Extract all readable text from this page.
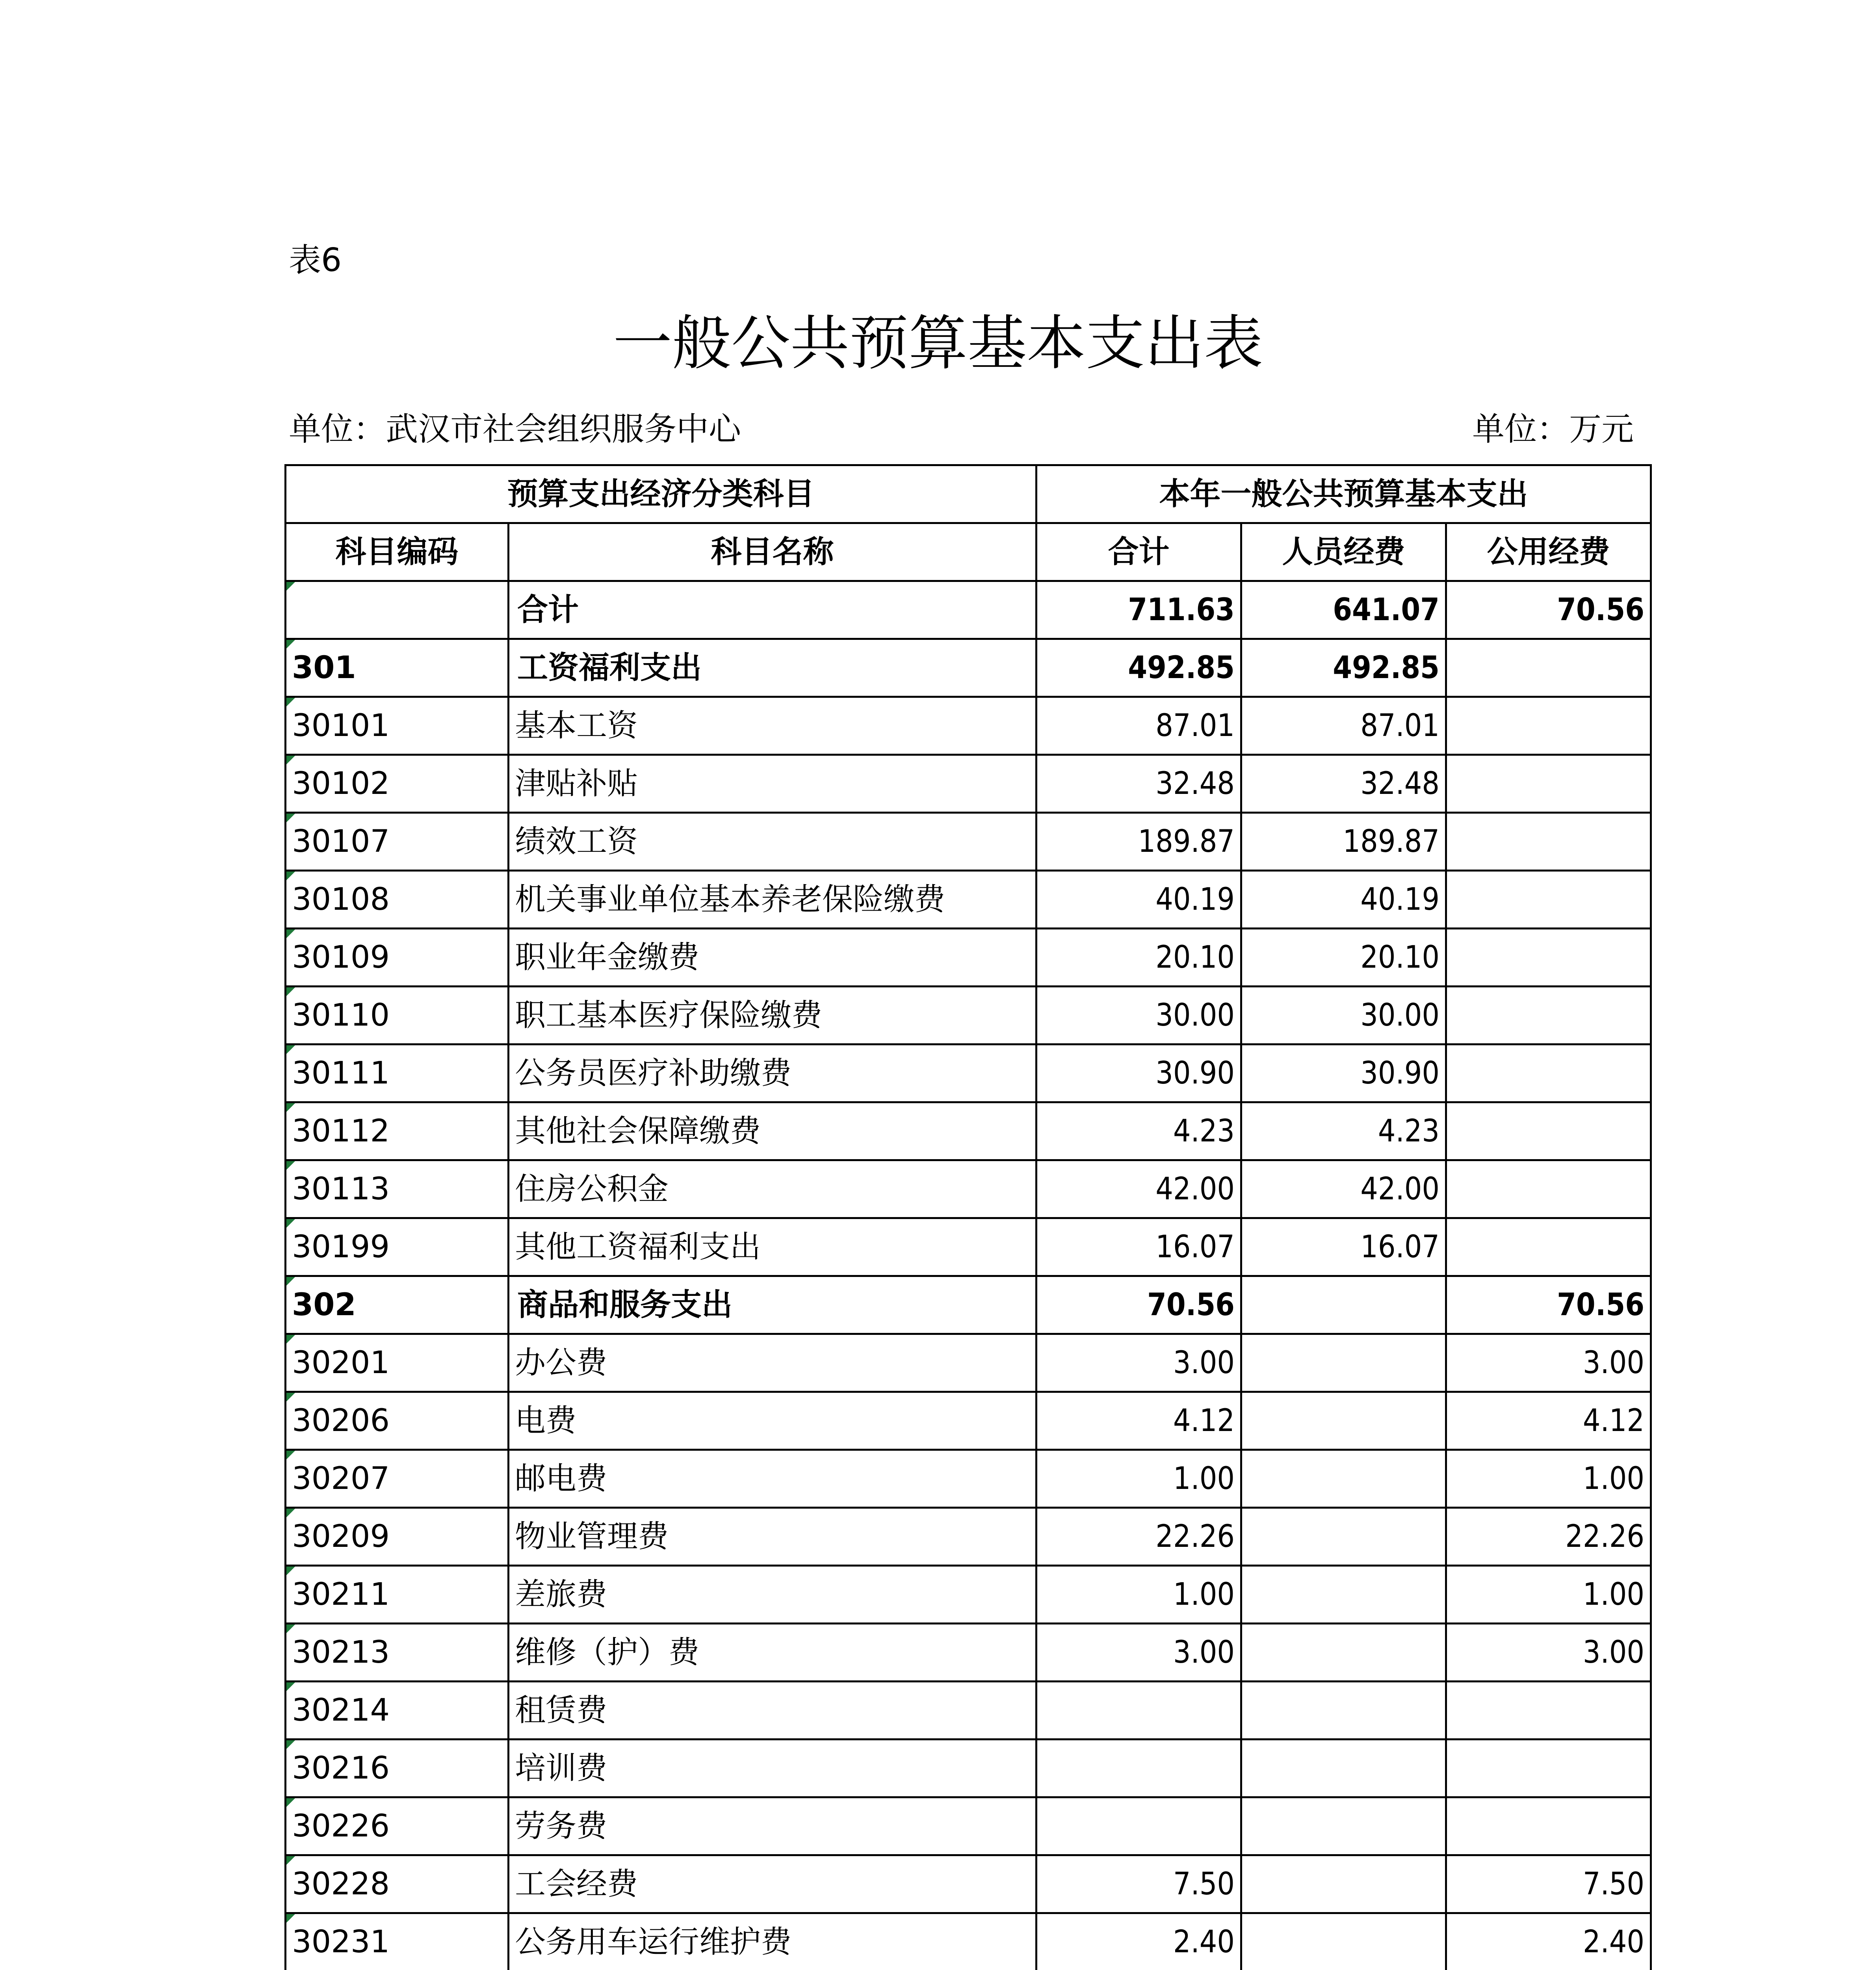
表6
一般公共预算基本支出表
单位：武汉市社会组织服务中心	单位：万元
预算支出经济分类科目		本年一般公共预算基本支出		
科目编码	科目名称	合计	人员经费	公用经费
	合计	711.63	641.07	70.56
301	工资福利支出	492.85	492.85	
30101	基本工资	87.01	87.01	
30102	津贴补贴	32.48	32.48	
30107	绩效工资	189.87	189.87	
30108	机关事业单位基本养老保险缴费	40.19	40.19	
30109	职业年金缴费	20.10	20.10	
30110	职工基本医疗保险缴费	30.00	30.00	
30111	公务员医疗补助缴费	30.90	30.90	
30112	其他社会保障缴费	4.23	4.23	
30113	住房公积金	42.00	42.00	
30199	其他工资福利支出	16.07	16.07	
302	商品和服务支出	70.56		70.56
30201	办公费	3.00		3.00
30206	电费	4.12		4.12
30207	邮电费	1.00		1.00
30209	物业管理费	22.26		22.26
30211	差旅费	1.00		1.00
30213	维修（护）费	3.00		3.00
30214	租赁费			
30216	培训费			
30226	劳务费			
30228	工会经费	7.50		7.50
30231	公务用车运行维护费	2.40		2.40
